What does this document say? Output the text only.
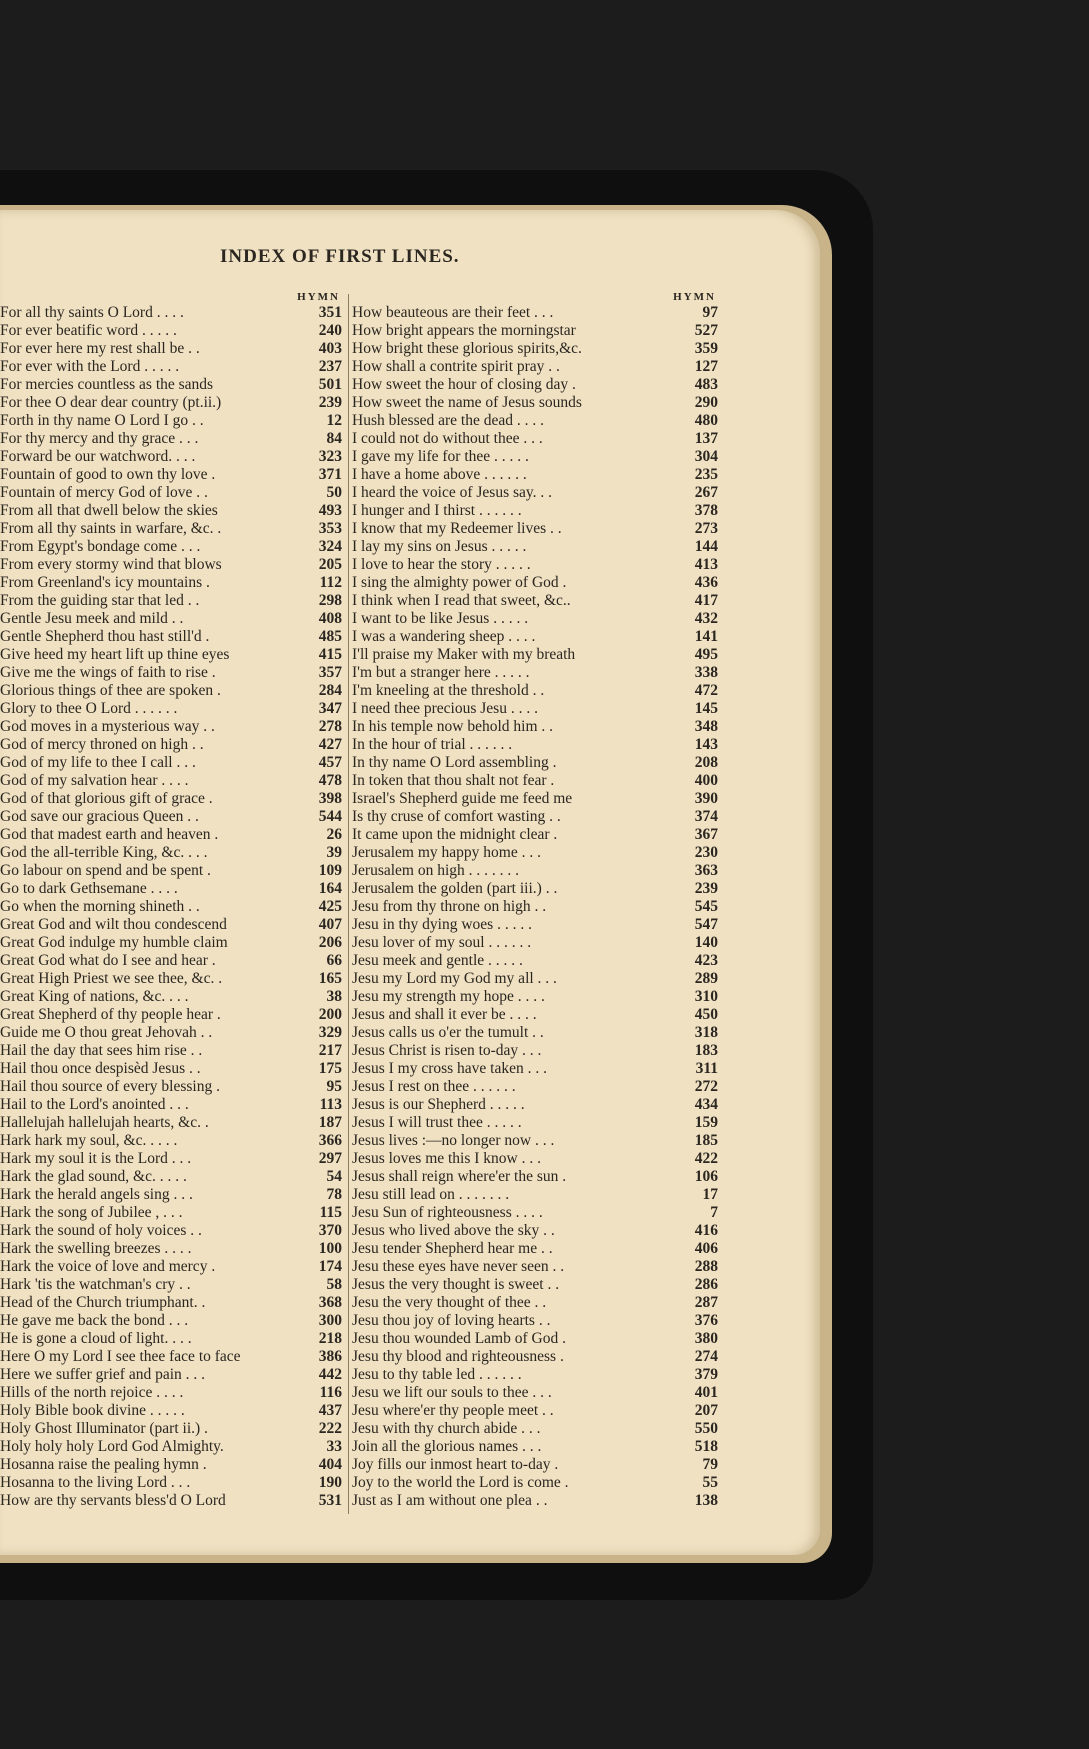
INDEX OF FIRST LINES.
HYMN
For all thy saints O Lord . . . .	351
For ever beatific word . . . . .	240
For ever here my rest shall be . .	403
For ever with the Lord . . . . .	237
For mercies countless as the sands	501
For thee O dear dear country (pt.ii.)	239
Forth in thy name O Lord I go . .	12
For thy mercy and thy grace . . .	84
Forward be our watchword. . . .	323
Fountain of good to own thy love .	371
Fountain of mercy God of love . .	50
From all that dwell below the skies	493
From all thy saints in warfare, &c. .	353
From Egypt's bondage come . . .	324
From every stormy wind that blows	205
From Greenland's icy mountains .	112
From the guiding star that led . .	298
Gentle Jesu meek and mild . .	408
Gentle Shepherd thou hast still'd .	485
Give heed my heart lift up thine eyes	415
Give me the wings of faith to rise .	357
Glorious things of thee are spoken .	284
Glory to thee O Lord . . . . . .	347
God moves in a mysterious way . .	278
God of mercy throned on high . .	427
God of my life to thee I call . . .	457
God of my salvation hear . . . .	478
God of that glorious gift of grace .	398
God save our gracious Queen . .	544
God that madest earth and heaven .	26
God the all-terrible King, &c. . . .	39
Go labour on spend and be spent .	109
Go to dark Gethsemane . . . .	164
Go when the morning shineth . .	425
Great God and wilt thou condescend	407
Great God indulge my humble claim	206
Great God what do I see and hear .	66
Great High Priest we see thee, &c. .	165
Great King of nations, &c. . . .	38
Great Shepherd of thy people hear .	200
Guide me O thou great Jehovah . .	329
Hail the day that sees him rise . .	217
Hail thou once despisèd Jesus . .	175
Hail thou source of every blessing .	95
Hail to the Lord's anointed . . .	113
Hallelujah hallelujah hearts, &c. .	187
Hark hark my soul, &c. . . . .	366
Hark my soul it is the Lord . . .	297
Hark the glad sound, &c. . . . .	54
Hark the herald angels sing . . .	78
Hark the song of Jubilee , . . .	115
Hark the sound of holy voices . .	370
Hark the swelling breezes . . . .	100
Hark the voice of love and mercy .	174
Hark 'tis the watchman's cry . .	58
Head of the Church triumphant. .	368
He gave me back the bond . . .	300
He is gone a cloud of light. . . .	218
Here O my Lord I see thee face to face	386
Here we suffer grief and pain . . .	442
Hills of the north rejoice . . . .	116
Holy Bible book divine . . . . .	437
Holy Ghost Illuminator (part ii.) .	222
Holy holy holy Lord God Almighty.	33
Hosanna raise the pealing hymn .	404
Hosanna to the living Lord . . .	190
How are thy servants bless'd O Lord	531
HYMN
How beauteous are their feet . . .	97
How bright appears the morningstar	527
How bright these glorious spirits,&c.	359
How shall a contrite spirit pray . .	127
How sweet the hour of closing day .	483
How sweet the name of Jesus sounds	290
Hush blessed are the dead . . . .	480
I could not do without thee . . .	137
I gave my life for thee . . . . .	304
I have a home above . . . . . .	235
I heard the voice of Jesus say. . .	267
I hunger and I thirst . . . . . .	378
I know that my Redeemer lives . .	273
I lay my sins on Jesus . . . . .	144
I love to hear the story . . . . .	413
I sing the almighty power of God .	436
I think when I read that sweet, &c..	417
I want to be like Jesus . . . . .	432
I was a wandering sheep . . . .	141
I'll praise my Maker with my breath	495
I'm but a stranger here . . . . .	338
I'm kneeling at the threshold . .	472
I need thee precious Jesu . . . .	145
In his temple now behold him . .	348
In the hour of trial . . . . . .	143
In thy name O Lord assembling .	208
In token that thou shalt not fear .	400
Israel's Shepherd guide me feed me	390
Is thy cruse of comfort wasting . .	374
It came upon the midnight clear .	367
Jerusalem my happy home . . .	230
Jerusalem on high . . . . . . .	363
Jerusalem the golden (part iii.) . .	239
Jesu from thy throne on high . .	545
Jesu in thy dying woes . . . . .	547
Jesu lover of my soul . . . . . .	140
Jesu meek and gentle . . . . .	423
Jesu my Lord my God my all . . .	289
Jesu my strength my hope . . . .	310
Jesus and shall it ever be . . . .	450
Jesus calls us o'er the tumult . .	318
Jesus Christ is risen to-day . . .	183
Jesus I my cross have taken . . .	311
Jesus I rest on thee . . . . . .	272
Jesus is our Shepherd . . . . .	434
Jesus I will trust thee . . . . .	159
Jesus lives :—no longer now . . .	185
Jesus loves me this I know . . .	422
Jesus shall reign where'er the sun .	106
Jesu still lead on . . . . . . .	17
Jesu Sun of righteousness . . . .	7
Jesus who lived above the sky . .	416
Jesu tender Shepherd hear me . .	406
Jesu these eyes have never seen . .	288
Jesus the very thought is sweet . .	286
Jesu the very thought of thee . .	287
Jesu thou joy of loving hearts . .	376
Jesu thou wounded Lamb of God .	380
Jesu thy blood and righteousness .	274
Jesu to thy table led . . . . . .	379
Jesu we lift our souls to thee . . .	401
Jesu where'er thy people meet . .	207
Jesu with thy church abide . . .	550
Join all the glorious names . . .	518
Joy fills our inmost heart to-day .	79
Joy to the world the Lord is come .	55
Just as I am without one plea . .	138
